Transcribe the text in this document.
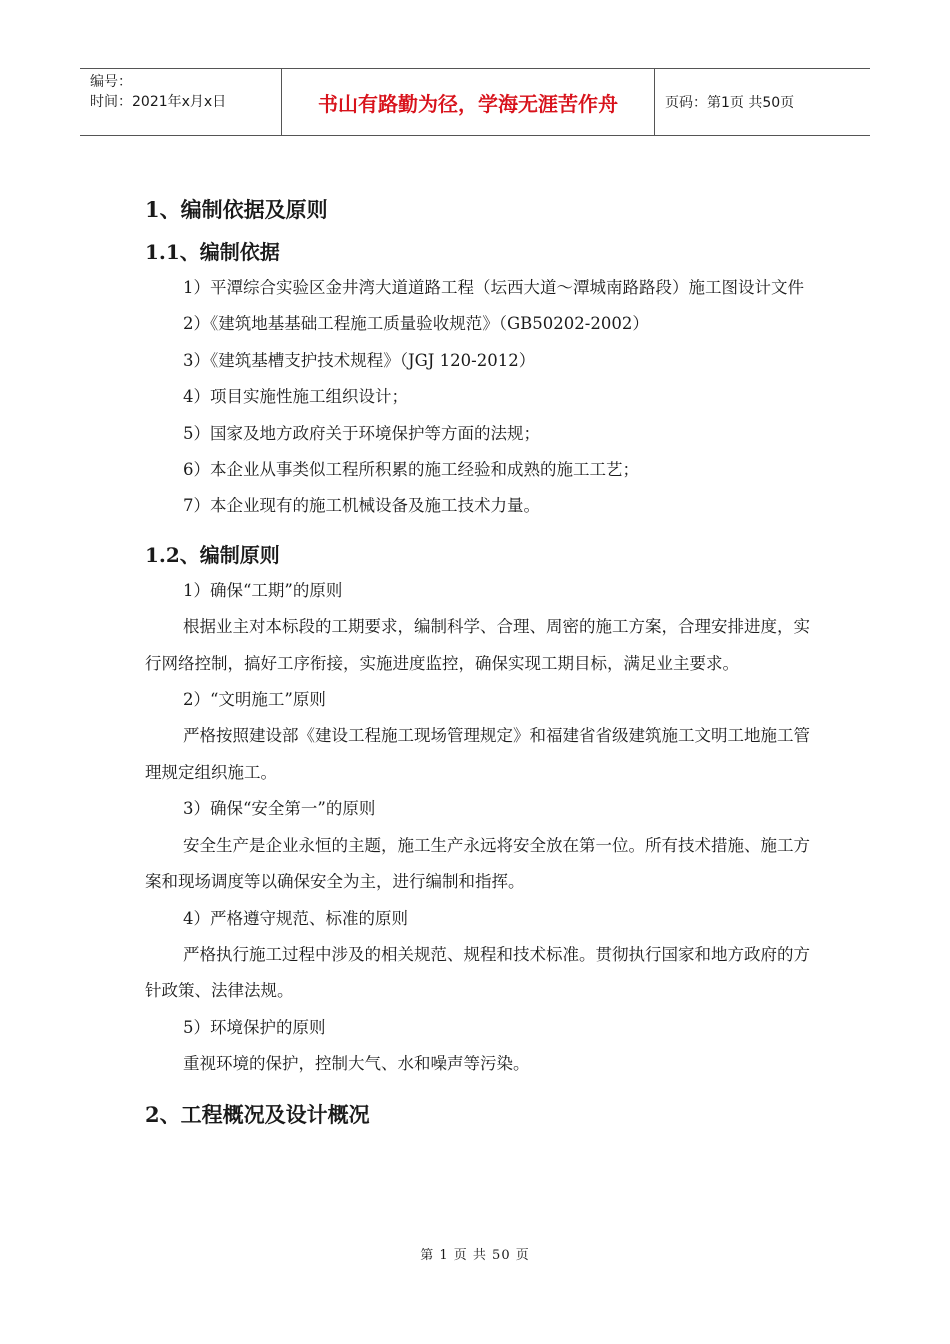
编号：
时间：2021年x月x日	书山有路勤为径，学海无涯苦作舟	页码：第1页 共50页
1、编制依据及原则
1.1、编制依据

1）平潭综合实验区金井湾大道道路工程（坛西大道～潭城南路路段）施工图设计文件

2）《建筑地基基础工程施工质量验收规范》（GB50202-2002）

3）《建筑基槽支护技术规程》（JGJ 120-2012）

4）项目实施性施工组织设计；

5）国家及地方政府关于环境保护等方面的法规；

6）本企业从事类似工程所积累的施工经验和成熟的施工工艺；

7）本企业现有的施工机械设备及施工技术力量。

1.2、编制原则

1）确保“工期”的原则

根据业主对本标段的工期要求，编制科学、合理、周密的施工方案，合理安排进度，实行网络控制，搞好工序衔接，实施进度监控，确保实现工期目标，满足业主要求。

2）“文明施工”原则

严格按照建设部《建设工程施工现场管理规定》和福建省省级建筑施工文明工地施工管理规定组织施工。

3）确保“安全第一”的原则

安全生产是企业永恒的主题，施工生产永远将安全放在第一位。所有技术措施、施工方案和现场调度等以确保安全为主，进行编制和指挥。

4）严格遵守规范、标准的原则

严格执行施工过程中涉及的相关规范、规程和技术标准。贯彻执行国家和地方政府的方针政策、法律法规。

5）环境保护的原则

重视环境的保护，控制大气、水和噪声等污染。

2、工程概况及设计概况
第 1 页 共 50 页
